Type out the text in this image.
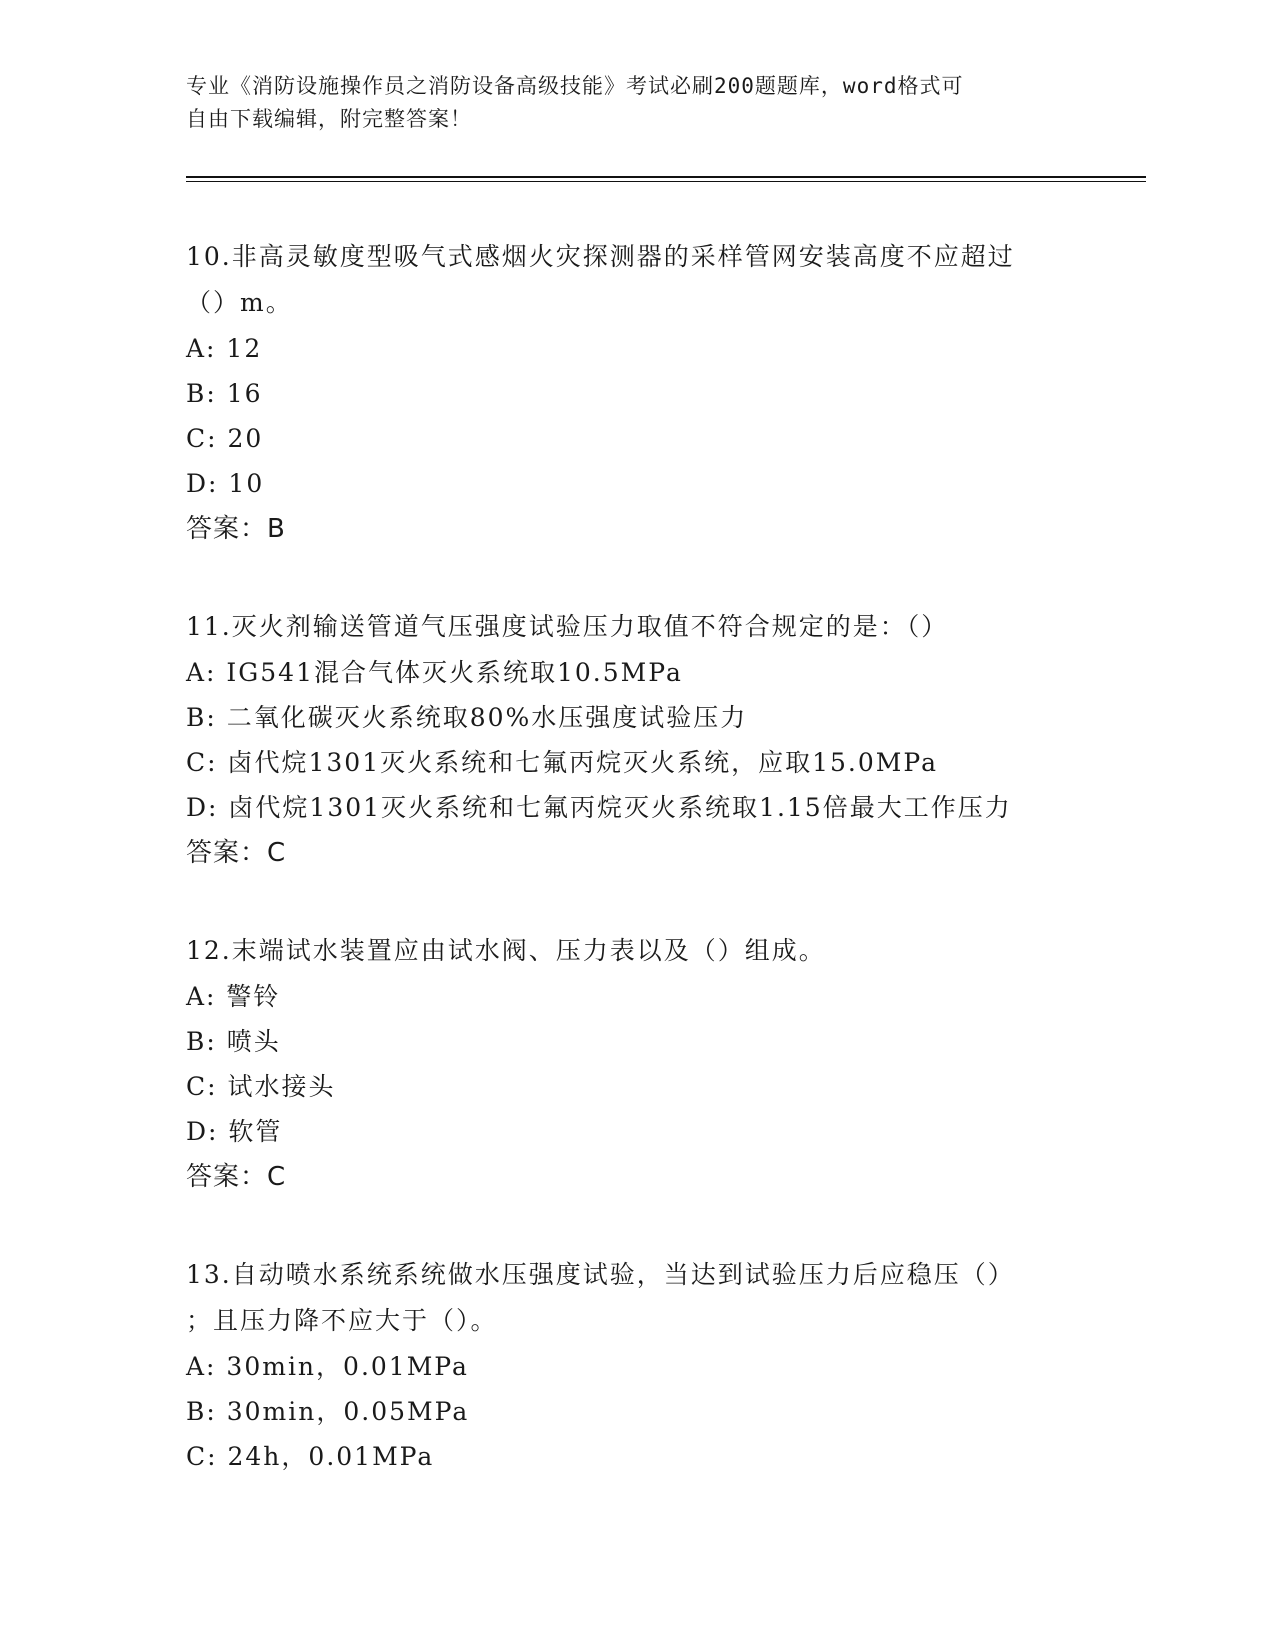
专业《消防设施操作员之消防设备高级技能》考试必刷200题题库，word格式可

自由下载编辑，附完整答案！

10.非高灵敏度型吸气式感烟火灾探测器的采样管网安装高度不应超过

（）m。

A: 12

B: 16

C: 20

D: 10

答案：B

11.灭火剂输送管道气压强度试验压力取值不符合规定的是：（）

A: IG541混合气体灭火系统取10.5MPa

B: 二氧化碳灭火系统取80%水压强度试验压力

C: 卤代烷1301灭火系统和七氟丙烷灭火系统，应取15.0MPa

D: 卤代烷1301灭火系统和七氟丙烷灭火系统取1.15倍最大工作压力

答案：C

12.末端试水装置应由试水阀、压力表以及（）组成。

A: 警铃

B: 喷头

C: 试水接头

D: 软管

答案：C

13.自动喷水系统系统做水压强度试验，当达到试验压力后应稳压（）

；且压力降不应大于（）。

A: 30min，0.01MPa

B: 30min，0.05MPa

C: 24h，0.01MPa
